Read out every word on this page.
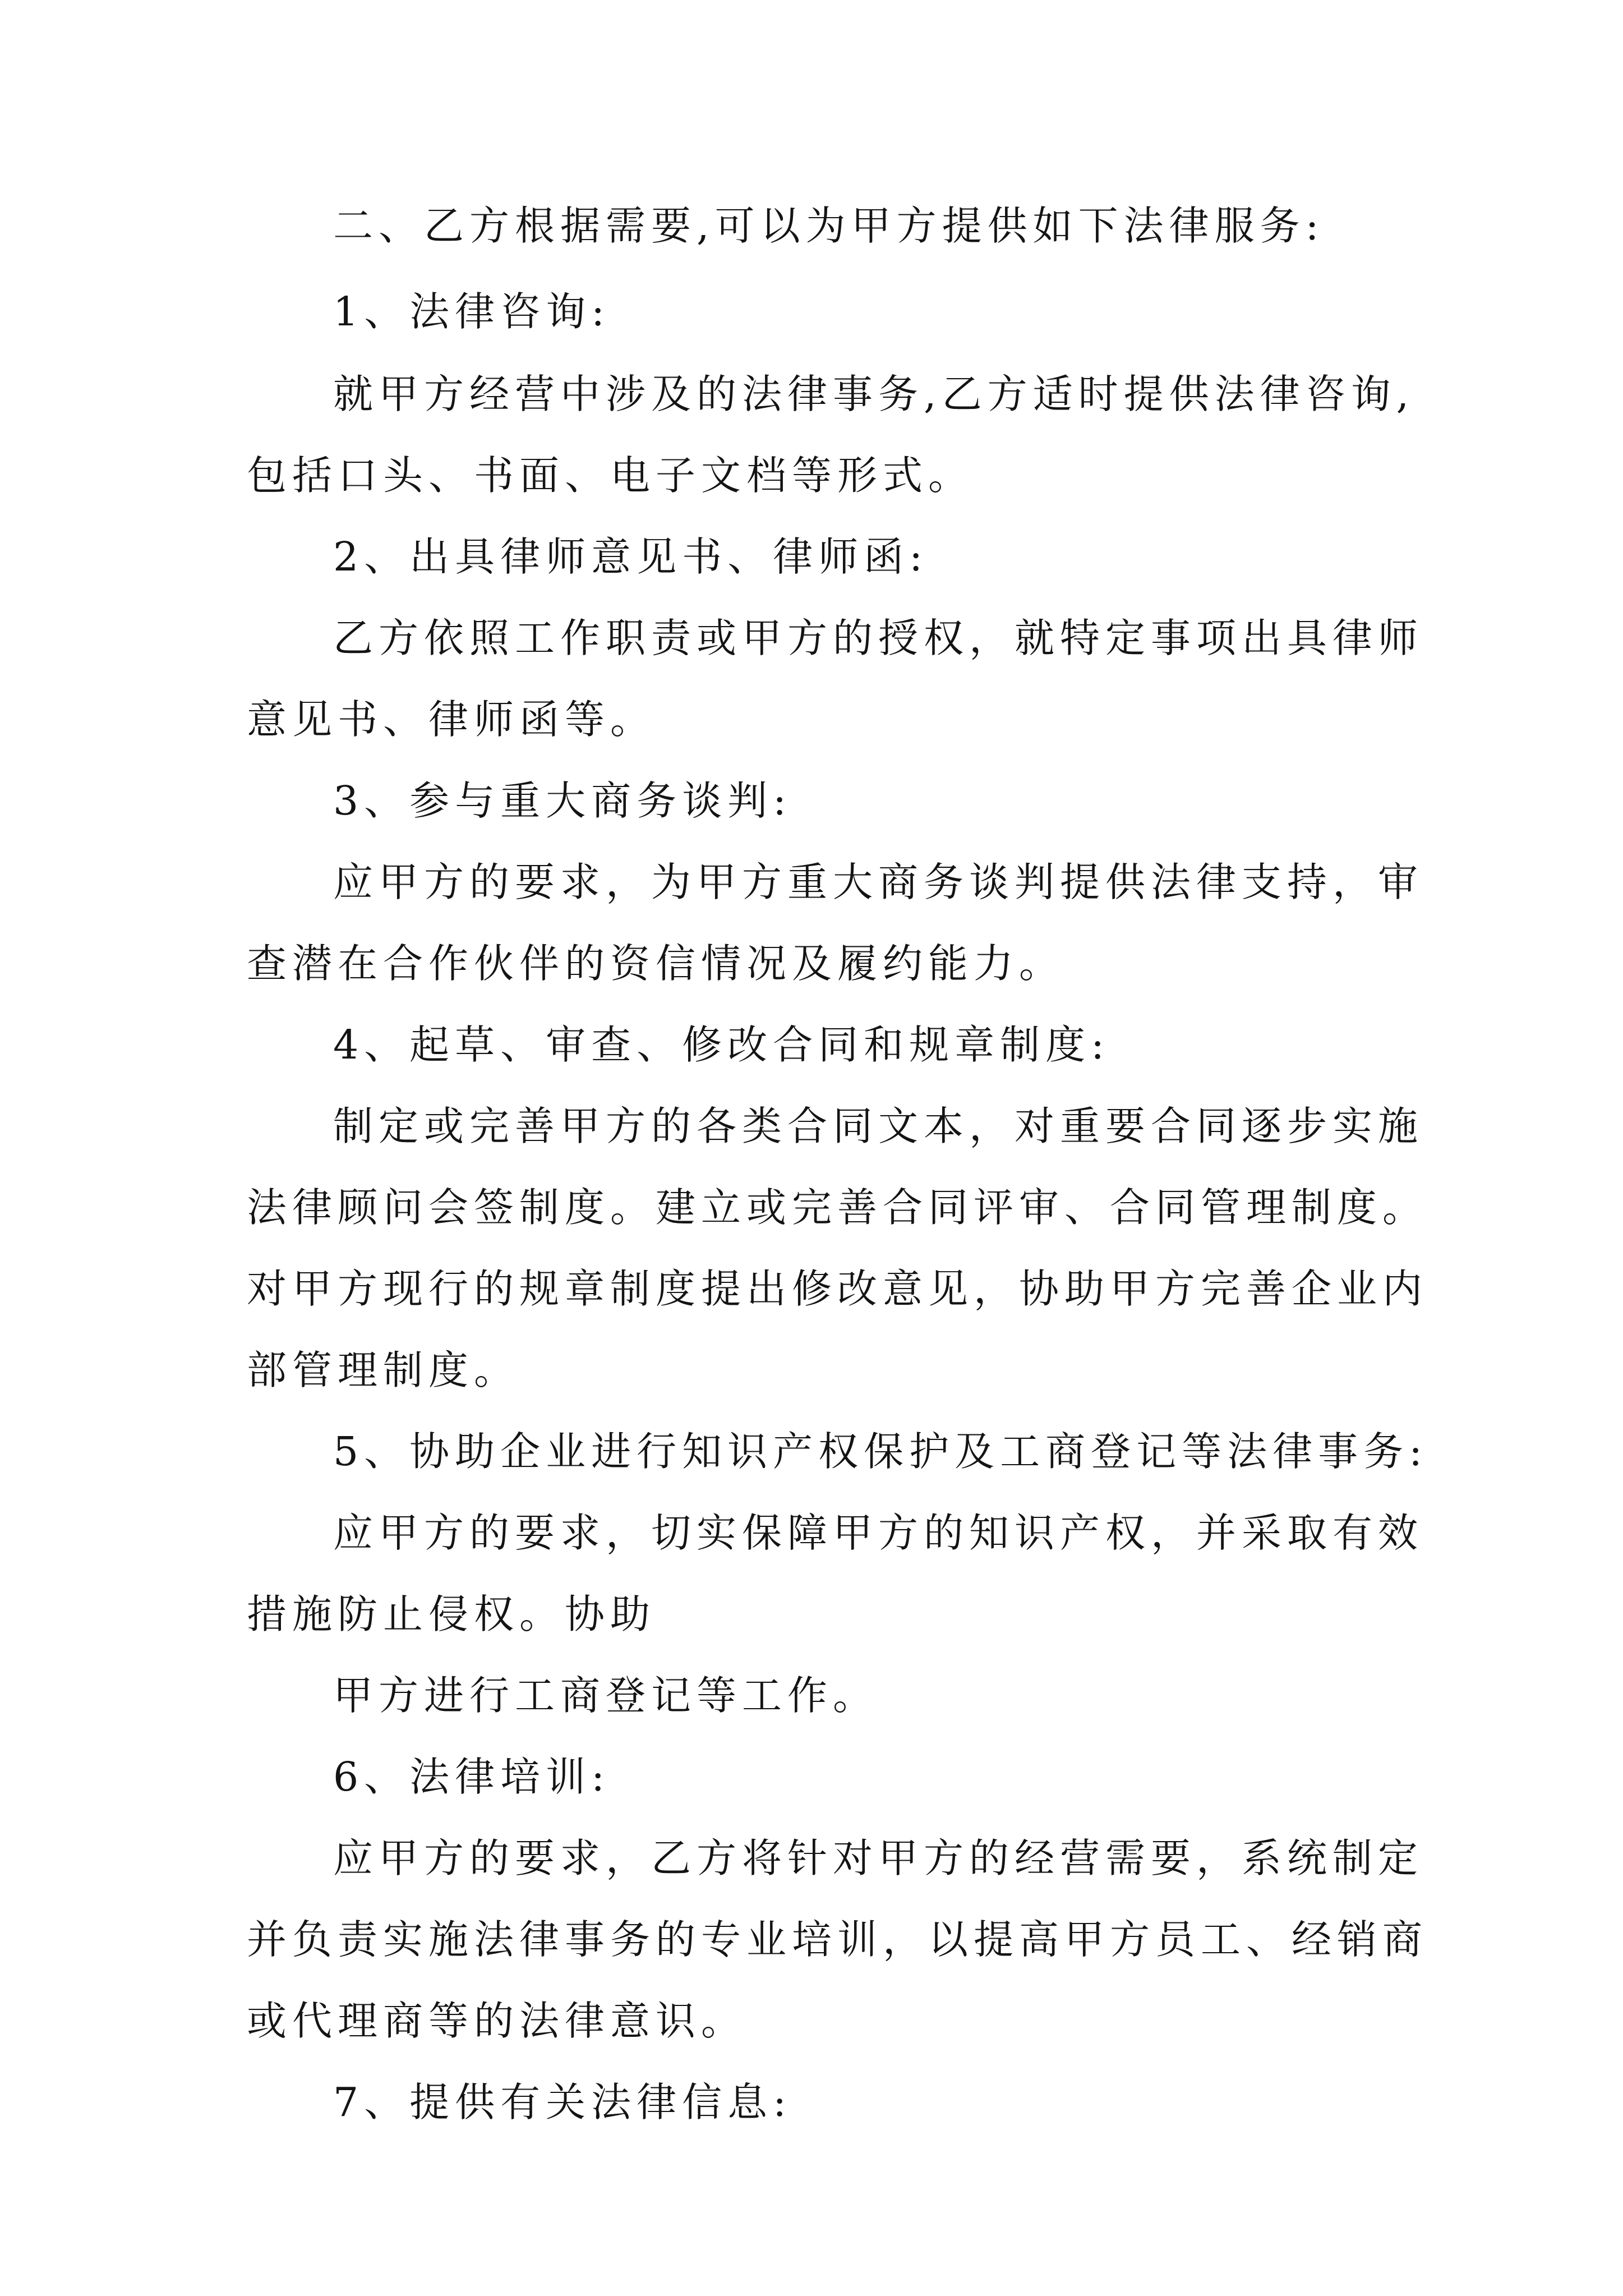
二、乙方根据需要,可以为甲方提供如下法律服务:

1、法律咨询:

就甲方经营中涉及的法律事务,乙方适时提供法律咨询,

包括口头、书面、电子文档等形式。

2、出具律师意见书、律师函:

乙方依照工作职责或甲方的授权，就特定事项出具律师

意见书、律师函等。

3、参与重大商务谈判:

应甲方的要求，为甲方重大商务谈判提供法律支持，审

查潜在合作伙伴的资信情况及履约能力。

4、起草、审查、修改合同和规章制度:

制定或完善甲方的各类合同文本，对重要合同逐步实施

法律顾问会签制度。建立或完善合同评审、合同管理制度。

对甲方现行的规章制度提出修改意见，协助甲方完善企业内

部管理制度。

5、协助企业进行知识产权保护及工商登记等法律事务:

应甲方的要求，切实保障甲方的知识产权，并采取有效

措施防止侵权。协助

甲方进行工商登记等工作。

6、法律培训:

应甲方的要求，乙方将针对甲方的经营需要，系统制定

并负责实施法律事务的专业培训，以提高甲方员工、经销商

或代理商等的法律意识。

7、提供有关法律信息:
